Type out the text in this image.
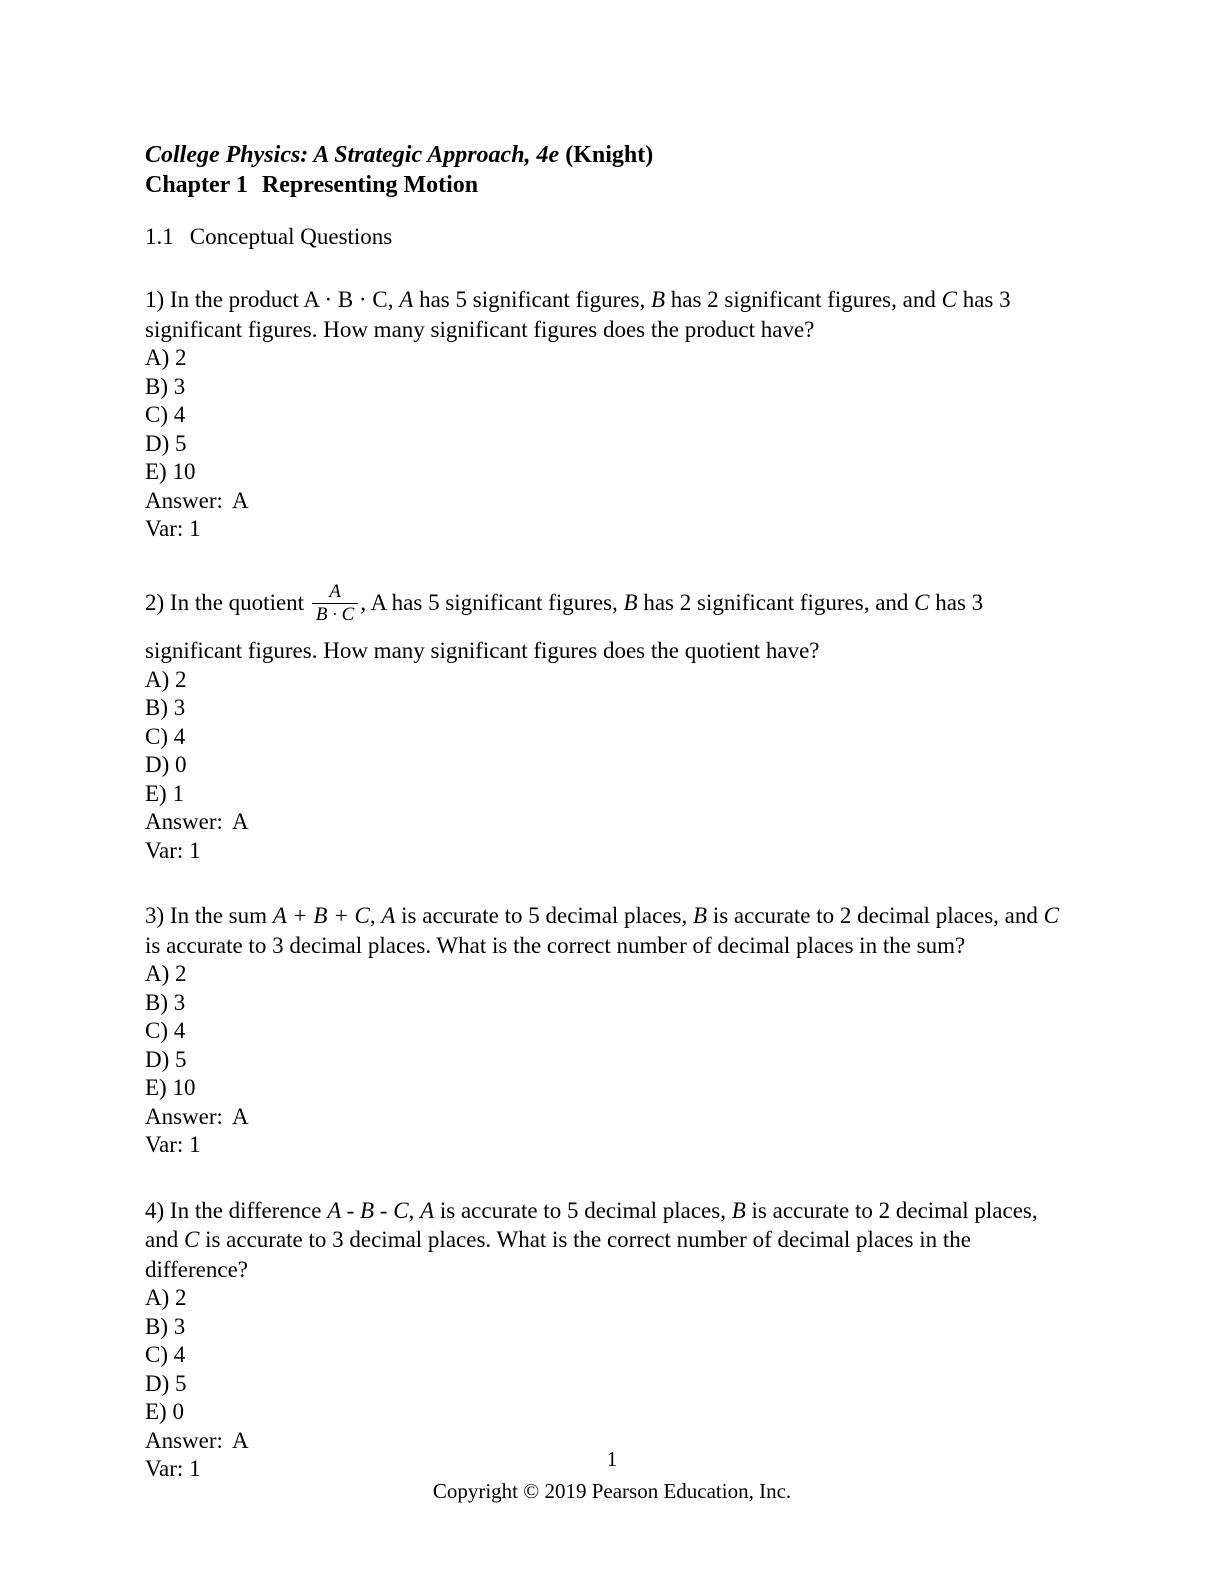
College Physics: A Strategic Approach, 4e (Knight)
Chapter 1 Representing Motion
1.1 Conceptual Questions
1) In the product A · B · C, A has 5 significant figures, B has 2 significant figures, and C has 3 significant figures. How many significant figures does the product have?
A) 2
B) 3
C) 4
D) 5
E) 10
Answer: A
Var: 1
2) In the quotient $\frac{A}{B \cdot C}$ , A has 5 significant figures, B has 2 significant figures, and C has 3
significant figures. How many significant figures does the quotient have?
A) 2
B) 3
C) 4
D) 0
E) 1
Answer: A
Var: 1
3) In the sum A + B + C, A is accurate to 5 decimal places, B is accurate to 2 decimal places, and C is accurate to 3 decimal places. What is the correct number of decimal places in the sum?
A) 2
B) 3
C) 4
D) 5
E) 10
Answer: A
Var: 1
4) In the difference A - B - C, A is accurate to 5 decimal places, B is accurate to 2 decimal places, and C is accurate to 3 decimal places. What is the correct number of decimal places in the difference?
A) 2
B) 3
C) 4
D) 5
E) 0
Answer: A
Var: 1	1
Copyright © 2019 Pearson Education, Inc.
